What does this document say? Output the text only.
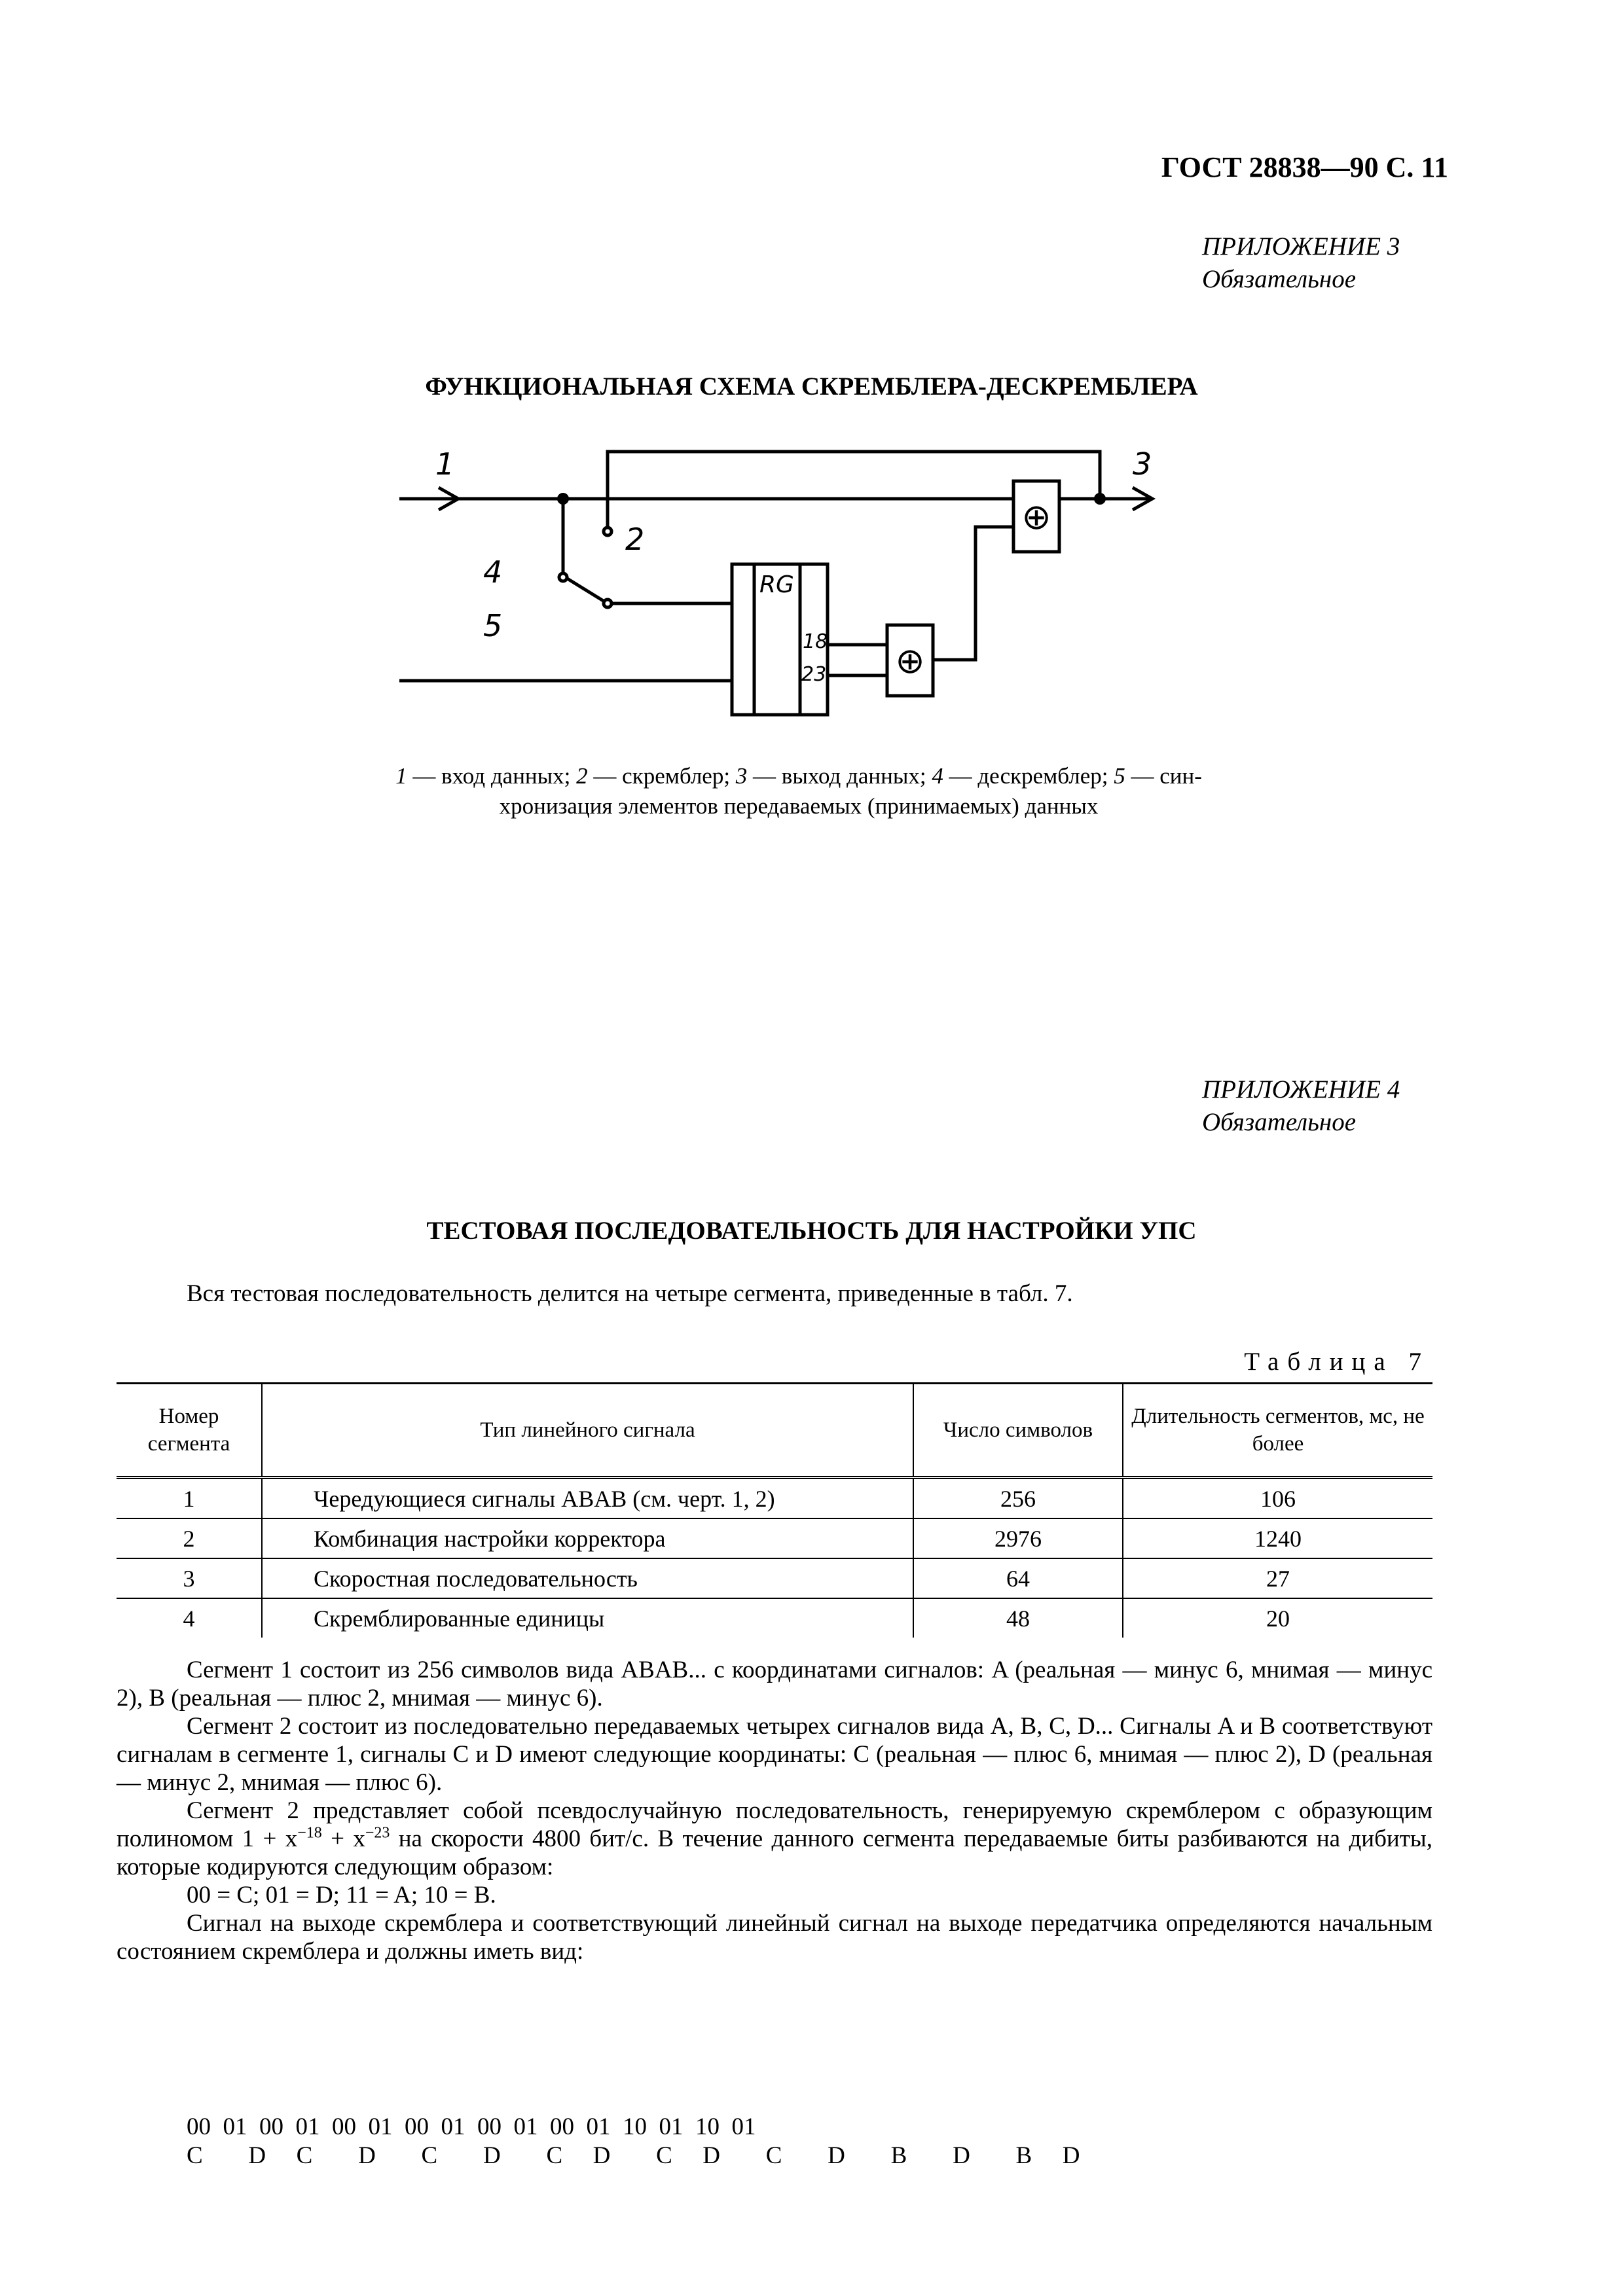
ГОСТ 28838—90 С. 11
ПРИЛОЖЕНИЕ 3
Обязательное
ФУНКЦИОНАЛЬНАЯ СХЕМА СКРЕМБЛЕРА-ДЕСКРЕМБЛЕРА
1
2
3
4
5
RG
18
23
⊕
⊕
1 — вход данных; 2 — скремблер; 3 — выход данных; 4 — дескремблер; 5 — син-
хронизация элементов передаваемых (принимаемых) данных
ПРИЛОЖЕНИЕ 4
Обязательное
ТЕСТОВАЯ ПОСЛЕДОВАТЕЛЬНОСТЬ ДЛЯ НАСТРОЙКИ УПС
Вся тестовая последовательность делится на четыре сегмента, приведенные в табл. 7.
Таблица 7
Номер сегмента	Тип линейного сигнала	Число символов	Длительность сегментов, мс, не более
1	Чередующиеся сигналы ABAB (см. черт. 1, 2)	256	106
2	Комбинация настройки корректора	2976	1240
3	Скоростная последовательность	64	27
4	Скремблированные единицы	48	20

Сегмент 1 состоит из 256 символов вида ABAB... с координатами сигналов: A (реальная — минус 6, мнимая — минус 2), B (реальная — плюс 2, мнимая — минус 6).

Сегмент 2 состоит из последовательно передаваемых четырех сигналов вида A, B, C, D... Сигналы A и B соответствуют сигналам в сегменте 1, сигналы C и D имеют следующие координаты: C (реальная — плюс 6, мнимая — плюс 2), D (реальная — минус 2, мнимая — плюс 6).

Сегмент 2 представляет собой псевдослучайную последовательность, генерируемую скремблером с образующим полиномом $1 + x^{-18} + x^{-23}$ на скорости 4800 бит/с. В течение данного сегмента передаваемые биты разбиваются на дибиты, которые кодируются следующим образом:

00 = C; 01 = D; 11 = A; 10 = B.

Сигнал на выходе скремблера и соответствующий линейный сигнал на выходе передатчика определяются начальным состоянием скремблера и должны иметь вид:

00  01  00  01  00  01  00  01  00  01  00  01  10  01  10  01
C   D  C   D   C   D   C  D   C  D   C   D   B   D   B  D
